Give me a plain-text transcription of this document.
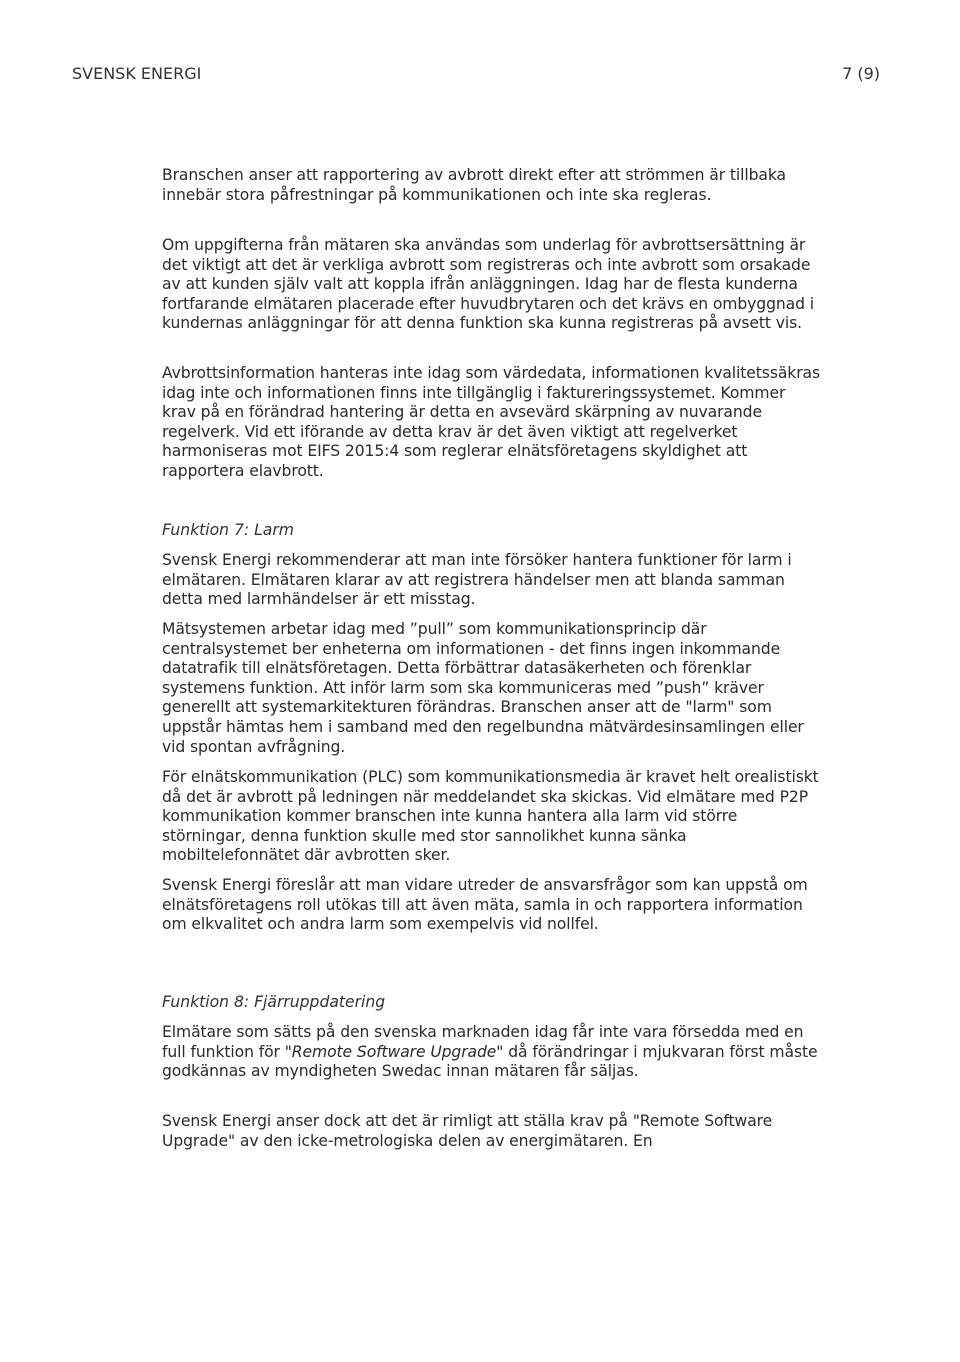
SVENSK ENERGI	7 (9)

Branschen anser att rapportering av avbrott direkt efter att strömmen är tillbaka innebär stora påfrestningar på kommunikationen och inte ska regleras.

Om uppgifterna från mätaren ska användas som underlag för avbrottsersättning är det viktigt att det är verkliga avbrott som registreras och inte avbrott som orsakade av att kunden själv valt att koppla ifrån anläggningen. Idag har de flesta kunderna fortfarande elmätaren placerade efter huvudbrytaren och det krävs en ombyggnad i kundernas anläggningar för att denna funktion ska kunna registreras på avsett vis.

Avbrottsinformation hanteras inte idag som värdedata, informationen kvalitetssäkras idag inte och informationen finns inte tillgänglig i faktureringssystemet. Kommer krav på en förändrad hantering är detta en avsevärd skärpning av nuvarande regelverk. Vid ett iförande av detta krav är det även viktigt att regelverket harmoniseras mot EIFS 2015:4 som reglerar elnätsföretagens skyldighet att rapportera elavbrott.

Funktion 7: Larm

Svensk Energi rekommenderar att man inte försöker hantera funktioner för larm i elmätaren. Elmätaren klarar av att registrera händelser men att blanda samman detta med larmhändelser är ett misstag.

Mätsystemen arbetar idag med ”pull” som kommunikationsprincip där centralsystemet ber enheterna om informationen - det finns ingen inkommande datatrafik till elnätsföretagen. Detta förbättrar datasäkerheten och förenklar systemens funktion. Att inför larm som ska kommuniceras med ”push” kräver generellt att systemarkitekturen förändras. Branschen anser att de "larm" som uppstår hämtas hem i samband med den regelbundna mätvärdesinsamlingen eller vid spontan avfrågning.

För elnätskommunikation (PLC) som kommunikationsmedia är kravet helt orealistiskt då det är avbrott på ledningen när meddelandet ska skickas. Vid elmätare med P2P kommunikation kommer branschen inte kunna hantera alla larm vid större störningar, denna funktion skulle med stor sannolikhet kunna sänka mobiltelefonnätet där avbrotten sker.

Svensk Energi föreslår att man vidare utreder de ansvarsfrågor som kan uppstå om elnätsföretagens roll utökas till att även mäta, samla in och rapportera information om elkvalitet och andra larm som exempelvis vid nollfel.

Funktion 8: Fjärruppdatering

Elmätare som sätts på den svenska marknaden idag får inte vara försedda med en full funktion för "Remote Software Upgrade" då förändringar i mjukvaran först måste godkännas av myndigheten Swedac innan mätaren får säljas.

Svensk Energi anser dock att det är rimligt att ställa krav på "Remote Software Upgrade" av den icke-metrologiska delen av energimätaren. En
